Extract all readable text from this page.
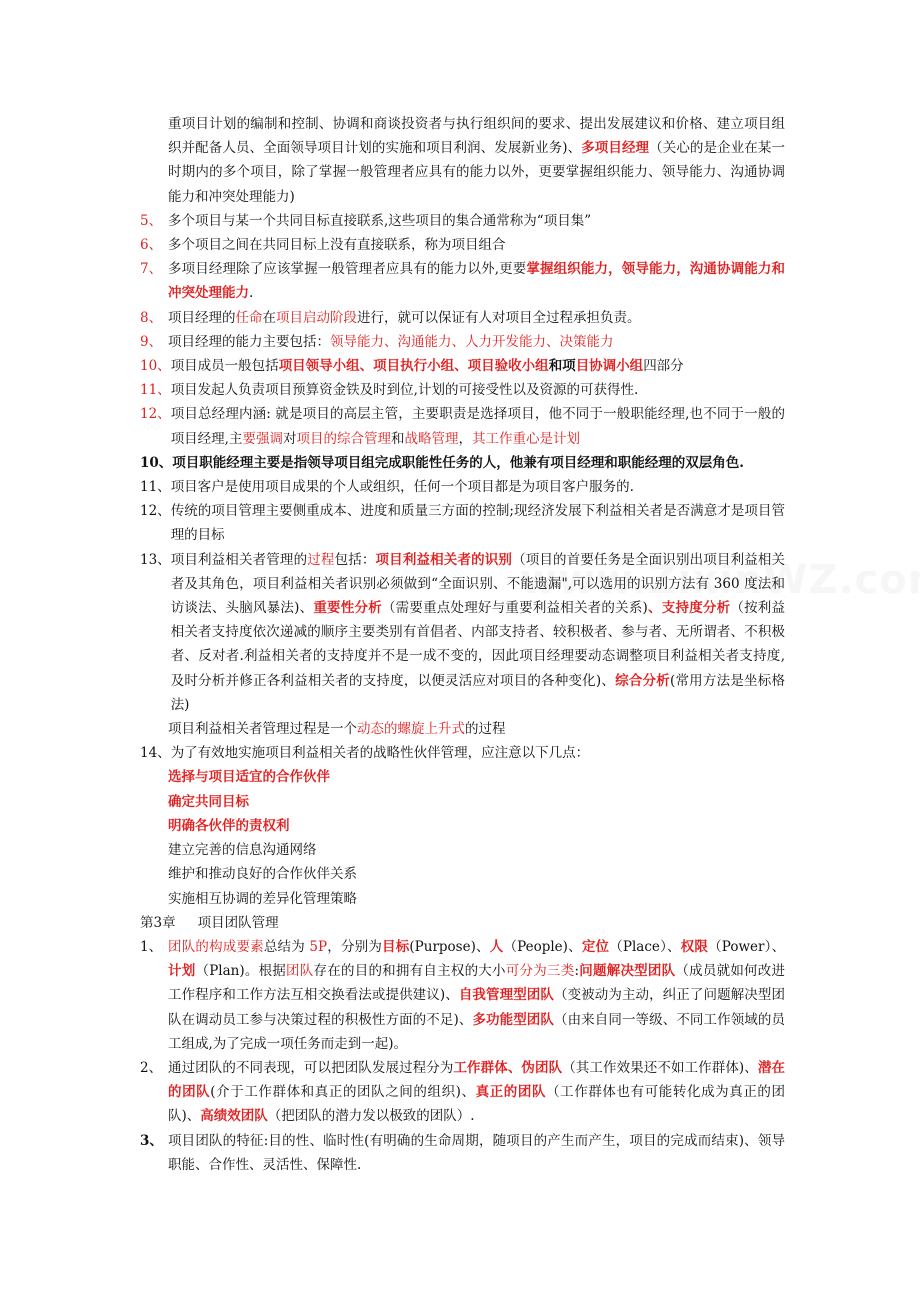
重项目计划的编制和控制、协调和商谈投资者与执行组织间的要求、提出发展建议和价格、建立项目组织并配备人员、全面领导项目计划的实施和项目利润、发展新业务)、多项目经理（关心的是企业在某一时期内的多个项目，除了掌握一般管理者应具有的能力以外，更要掌握组织能力、领导能力、沟通协调能力和冲突处理能力)
5、 多个项目与某一个共同目标直接联系,这些项目的集合通常称为“项目集”
6、 多个项目之间在共同目标上没有直接联系，称为项目组合
7、 多项目经理除了应该掌握一般管理者应具有的能力以外,更要掌握组织能力，领导能力，沟通协调能力和冲突处理能力.
8、 项目经理的任命在项目启动阶段进行，就可以保证有人对项目全过程承担负责。
9、 项目经理的能力主要包括：领导能力、沟通能力、人力开发能力、决策能力
10、 项目成员一般包括项目领导小组、项目执行小组、项目验收小组和项目协调小组四部分
11、 项目发起人负责项目预算资金铁及时到位,计划的可接受性以及资源的可获得性.
12、 项目总经理内涵: 就是项目的高层主管，主要职责是选择项目，他不同于一般职能经理,也不同于一般的项目经理,主要强调对项目的综合管理和战略管理，其工作重心是计划
10、 项目职能经理主要是指领导项目组完成职能性任务的人，他兼有项目经理和职能经理的双层角色.
11、 项目客户是使用项目成果的个人或组织，任何一个项目都是为项目客户服务的.
12、 传统的项目管理主要侧重成本、进度和质量三方面的控制;现经济发展下利益相关者是否满意才是项目管理的目标
13、 项目利益相关者管理的过程包括：项目利益相关者的识别（项目的首要任务是全面识别出项目利益相关者及其角色，项目利益相关者识别必须做到“全面识别、不能遗漏",可以选用的识别方法有 360 度法和访谈法、头脑风暴法)、重要性分析（需要重点处理好与重要利益相关者的关系)、支持度分析（按利益相关者支持度依次递减的顺序主要类别有首倡者、内部支持者、较积极者、参与者、无所谓者、不积极者、反对者.利益相关者的支持度并不是一成不变的，因此项目经理要动态调整项目利益相关者支持度,及时分析并修正各利益相关者的支持度，以便灵活应对项目的各种变化)、综合分析(常用方法是坐标格法)
项目利益相关者管理过程是一个动态的螺旋上升式的过程
14、 为了有效地实施项目利益相关者的战略性伙伴管理，应注意以下几点：
选择与项目适宜的合作伙伴
确定共同目标
明确各伙伴的责权利
建立完善的信息沟通网络
维护和推动良好的合作伙伴关系
实施相互协调的差异化管理策略
第3章 项目团队管理
1、 团队的构成要素总结为 5P，分别为目标(Purpose)、人（People)、定位（Place）、权限（Power）、计划（Plan)。根据团队存在的目的和拥有自主权的大小可分为三类:问题解决型团队（成员就如何改进工作程序和工作方法互相交换看法或提供建议)、自我管理型团队（变被动为主动，纠正了问题解决型团队在调动员工参与决策过程的积极性方面的不足)、多功能型团队（由来自同一等级、不同工作领域的员工组成,为了完成一项任务而走到一起)。
2、 通过团队的不同表现，可以把团队发展过程分为工作群体、伪团队（其工作效果还不如工作群体)、潜在的团队(介于工作群体和真正的团队之间的组织)、真正的团队（工作群体也有可能转化成为真正的团队)、高绩效团队（把团队的潜力发以极致的团队）.
3、 项目团队的特征:目的性、临时性(有明确的生命周期，随项目的产生而产生，项目的完成而结束)、领导职能、合作性、灵活性、保障性.
